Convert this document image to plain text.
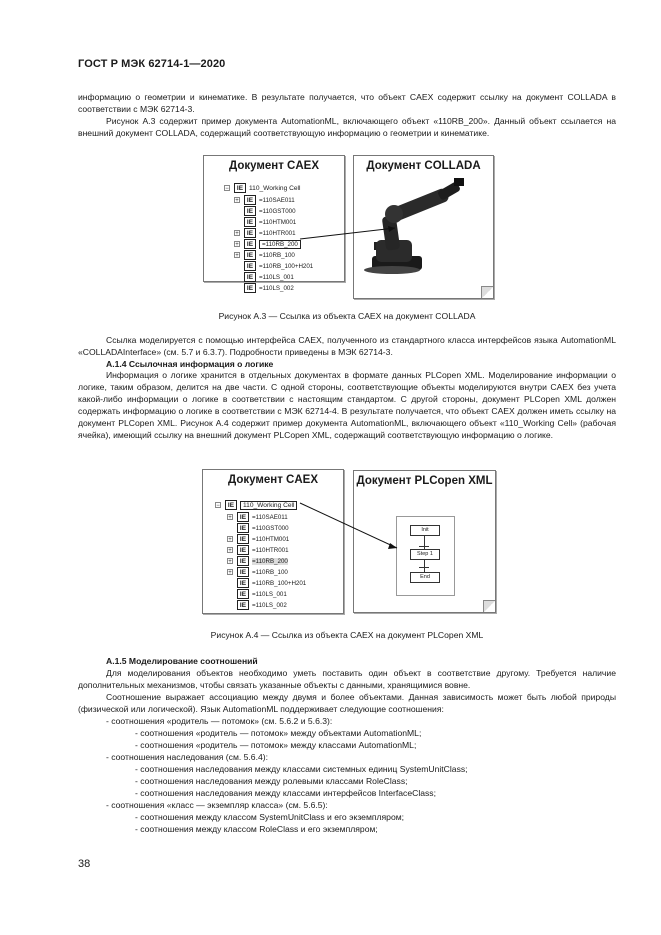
ГОСТ Р МЭК 62714-1—2020

информацию о геометрии и кинематике. В результате получается, что объект CAEX содержит ссылку на документ COLLADA в соответствии с МЭК 62714-3.

Рисунок А.3 содержит пример документа AutomationML, включающего объект «110RB_200». Данный объект ссылается на внешний документ COLLADA, содержащий соответствующую информацию о геометрии и кинематике.

Документ CAEX
−	IE 110_Working Cell
+	IE =110SAE011
IE =110GST000
IE =110HTM001
+	IE =110HTR001
+	IE	=110RB_200
+	IE =110RB_100
IE =110RB_100+H201
IE =110LS_001
IE =110LS_002
Документ COLLADA
Рисунок А.3 — Ссылка из объекта CAEX на документ COLLADA

Ссылка моделируется с помощью интерфейса CAEX, полученного из стандартного класса интерфейсов языка AutomationML «COLLADAInterface» (см. 5.7 и 6.3.7). Подробности приведены в МЭК 62714-3.

А.1.4 Ссылочная информация о логике

Информация о логике хранится в отдельных документах в формате данных PLCopen XML. Моделирование информации о логике, таким образом, делится на две части. С одной стороны, соответствующие объекты моделируются внутри CAEX без учета какой-либо информации о логике в соответствии с настоящим стандартом. С другой стороны, документ PLCopen XML должен содержать информацию о логике в соответствии с МЭК 62714-4. В результате получается, что объект CAEX должен иметь ссылку на документ PLCopen XML. Рисунок А.4 содержит пример документа AutomationML, включающего объект «110_Working Cell» (рабочая ячейка), имеющий ссылку на внешний документ PLCopen XML, содержащий соответствующую информацию о логике.

Документ CAEX
−	IE	110_Working Cell
+	IE =110SAE011
IE =110GST000
+	IE =110HTM001
+	IE =110HTR001
+	IE =110RB_200
+	IE =110RB_100
IE =110RB_100+H201
IE =110LS_001
IE =110LS_002
Документ PLCopen XML
Init
Step 1
End
Рисунок А.4 — Ссылка из объекта CAEX на документ PLCopen XML
А.1.5 Моделирование соотношений

Для моделирования объектов необходимо уметь поставить один объект в соответствие другому. Требуется наличие дополнительных механизмов, чтобы связать указанные объекты с данными, хранящимися вовне.

Соотношение выражает ассоциацию между двумя и более объектами. Данная зависимость может быть любой природы (физической или логической). Язык AutomationML поддерживает следующие соотношения:

- соотношения «родитель — потомок» (см. 5.6.2 и 5.6.3):
- соотношения «родитель — потомок» между объектами AutomationML;
- соотношения «родитель — потомок» между классами AutomationML;
- соотношения наследования (см. 5.6.4):
- соотношения наследования между классами системных единиц SystemUnitClass;
- соотношения наследования между ролевыми классами RoleClass;
- соотношения наследования между классами интерфейсов InterfaceClass;
- соотношения «класс — экземпляр класса» (см. 5.6.5):
- соотношения между классом SystemUnitClass и его экземпляром;
- соотношения между классом RoleClass и его экземпляром;
38
